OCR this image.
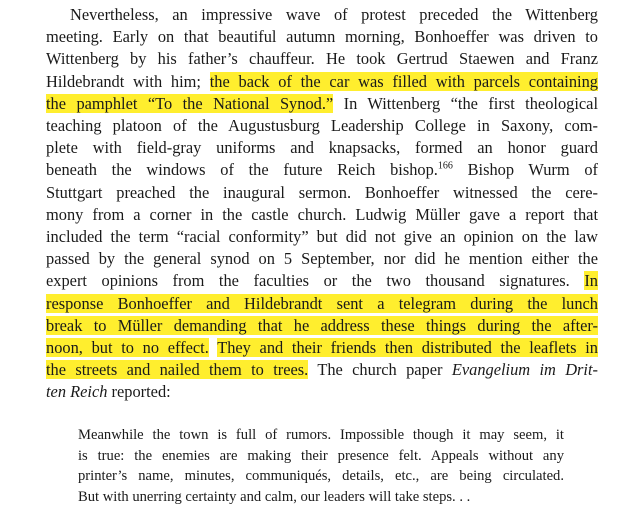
Nevertheless, an impressive wave of protest preceded the Wittenberg
meeting. Early on that beautiful autumn morning, Bonhoeffer was driven to
Wittenberg by his father’s chauffeur. He took Gertrud Staewen and Franz
Hildebrandt with him; the back of the car was filled with parcels containing
the pamphlet “To the National Synod.” In Wittenberg “the first theological
teaching platoon of the Augustusburg Leadership College in Saxony, com-
plete with field-gray uniforms and knapsacks, formed an honor guard
beneath the windows of the future Reich bishop.$^{166}$ Bishop Wurm of
Stuttgart preached the inaugural sermon. Bonhoeffer witnessed the cere-
mony from a corner in the castle church. Ludwig Müller gave a report that
included the term “racial conformity” but did not give an opinion on the law
passed by the general synod on 5 September, nor did he mention either the
expert opinions from the faculties or the two thousand signatures. In
response Bonhoeffer and Hildebrandt sent a telegram during the lunch
break to Müller demanding that he address these things during the after-
noon, but to no effect. They and their friends then distributed the leaflets in
the streets and nailed them to trees. The church paper Evangelium im Drit-
ten Reich reported:
Meanwhile the town is full of rumors. Impossible though it may seem, it
is true: the enemies are making their presence felt. Appeals without any
printer’s name, minutes, communiqués, details, etc., are being circulated.
But with unerring certainty and calm, our leaders will take steps. . .
